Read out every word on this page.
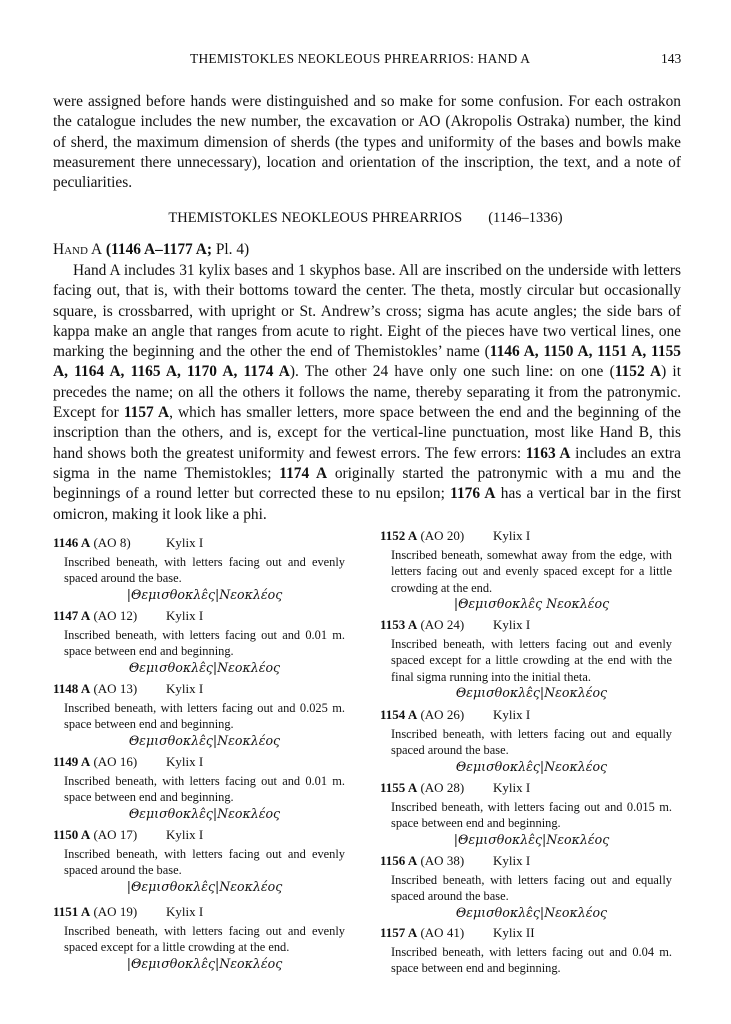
THEMISTOKLES NEOKLEOUS PHREARRIOS: HAND A	143

were assigned before hands were distinguished and so make for some confusion. For each ostrakon the catalogue includes the new number, the excavation or AO (Akropolis Ostraka) number, the kind of sherd, the maximum dimension of sherds (the types and uniformity of the bases and bowls make measurement there unnecessary), location and orientation of the inscription, the text, and a note of peculiarities.

THEMISTOKLES NEOKLEOUS PHREARRIOS (1146–1336)
Hand A (1146 A–1177 A; Pl. 4)

Hand A includes 31 kylix bases and 1 skyphos base. All are inscribed on the underside with letters facing out, that is, with their bottoms toward the center. The theta, mostly circular but occasionally square, is crossbarred, with upright or St. Andrew’s cross; sigma has acute angles; the side bars of kappa make an angle that ranges from acute to right. Eight of the pieces have two vertical lines, one marking the beginning and the other the end of Themistokles’ name (1146 A, 1150 A, 1151 A, 1155 A, 1164 A, 1165 A, 1170 A, 1174 A). The other 24 have only one such line: on one (1152 A) it precedes the name; on all the others it follows the name, thereby separating it from the patronymic. Except for 1157 A, which has smaller letters, more space between the end and the beginning of the inscription than the others, and is, except for the vertical-line punctuation, most like Hand B, this hand shows both the greatest uniformity and fewest errors. The few errors: 1163 A includes an extra sigma in the name Themistokles; 1174 A originally started the patronymic with a mu and the beginnings of a round letter but corrected these to nu epsilon; 1176 A has a vertical bar in the first omicron, making it look like a phi.

1146 A (AO 8)	Kylix I
Inscribed beneath, with letters facing out and evenly spaced around the base.
|Θεμισθοκλε̂ς|Νεοκλέος
1147 A (AO 12) Kylix I
Inscribed beneath, with letters facing out and 0.01 m. space between end and beginning.
Θεμισθοκλε̂ς|Νεοκλέος
1148 A (AO 13) Kylix I
Inscribed beneath, with letters facing out and 0.025 m. space between end and beginning.
Θεμισθοκλε̂ς|Νεοκλέος
1149 A (AO 16) Kylix I
Inscribed beneath, with letters facing out and 0.01 m. space between end and beginning.
Θεμισθοκλε̂ς|Νεοκλέος
1150 A (AO 17) Kylix I
Inscribed beneath, with letters facing out and evenly spaced around the base.
|Θεμισθοκλε̂ς|Νεοκλέος
1151 A (AO 19) Kylix I
Inscribed beneath, with letters facing out and evenly spaced except for a little crowding at the end.
|Θεμισθοκλε̂ς|Νεοκλέος
1152 A (AO 20) Kylix I
Inscribed beneath, somewhat away from the edge, with letters facing out and evenly spaced except for a little crowding at the end.
|Θεμισθοκλε̂ς Νεοκλέος
1153 A (AO 24) Kylix I
Inscribed beneath, with letters facing out and evenly spaced except for a little crowding at the end with the final sigma running into the initial theta.
Θεμισθοκλε̂ς|Νεοκλέος
1154 A (AO 26) Kylix I
Inscribed beneath, with letters facing out and equally spaced around the base.
Θεμισθοκλε̂ς|Νεοκλέος
1155 A (AO 28) Kylix I
Inscribed beneath, with letters facing out and 0.015 m. space between end and beginning.
|Θεμισθοκλε̂ς|Νεοκλέος
1156 A (AO 38) Kylix I
Inscribed beneath, with letters facing out and equally spaced around the base.
Θεμισθοκλε̂ς|Νεοκλέος
1157 A (AO 41) Kylix II
Inscribed beneath, with letters facing out and 0.04 m. space between end and beginning.
